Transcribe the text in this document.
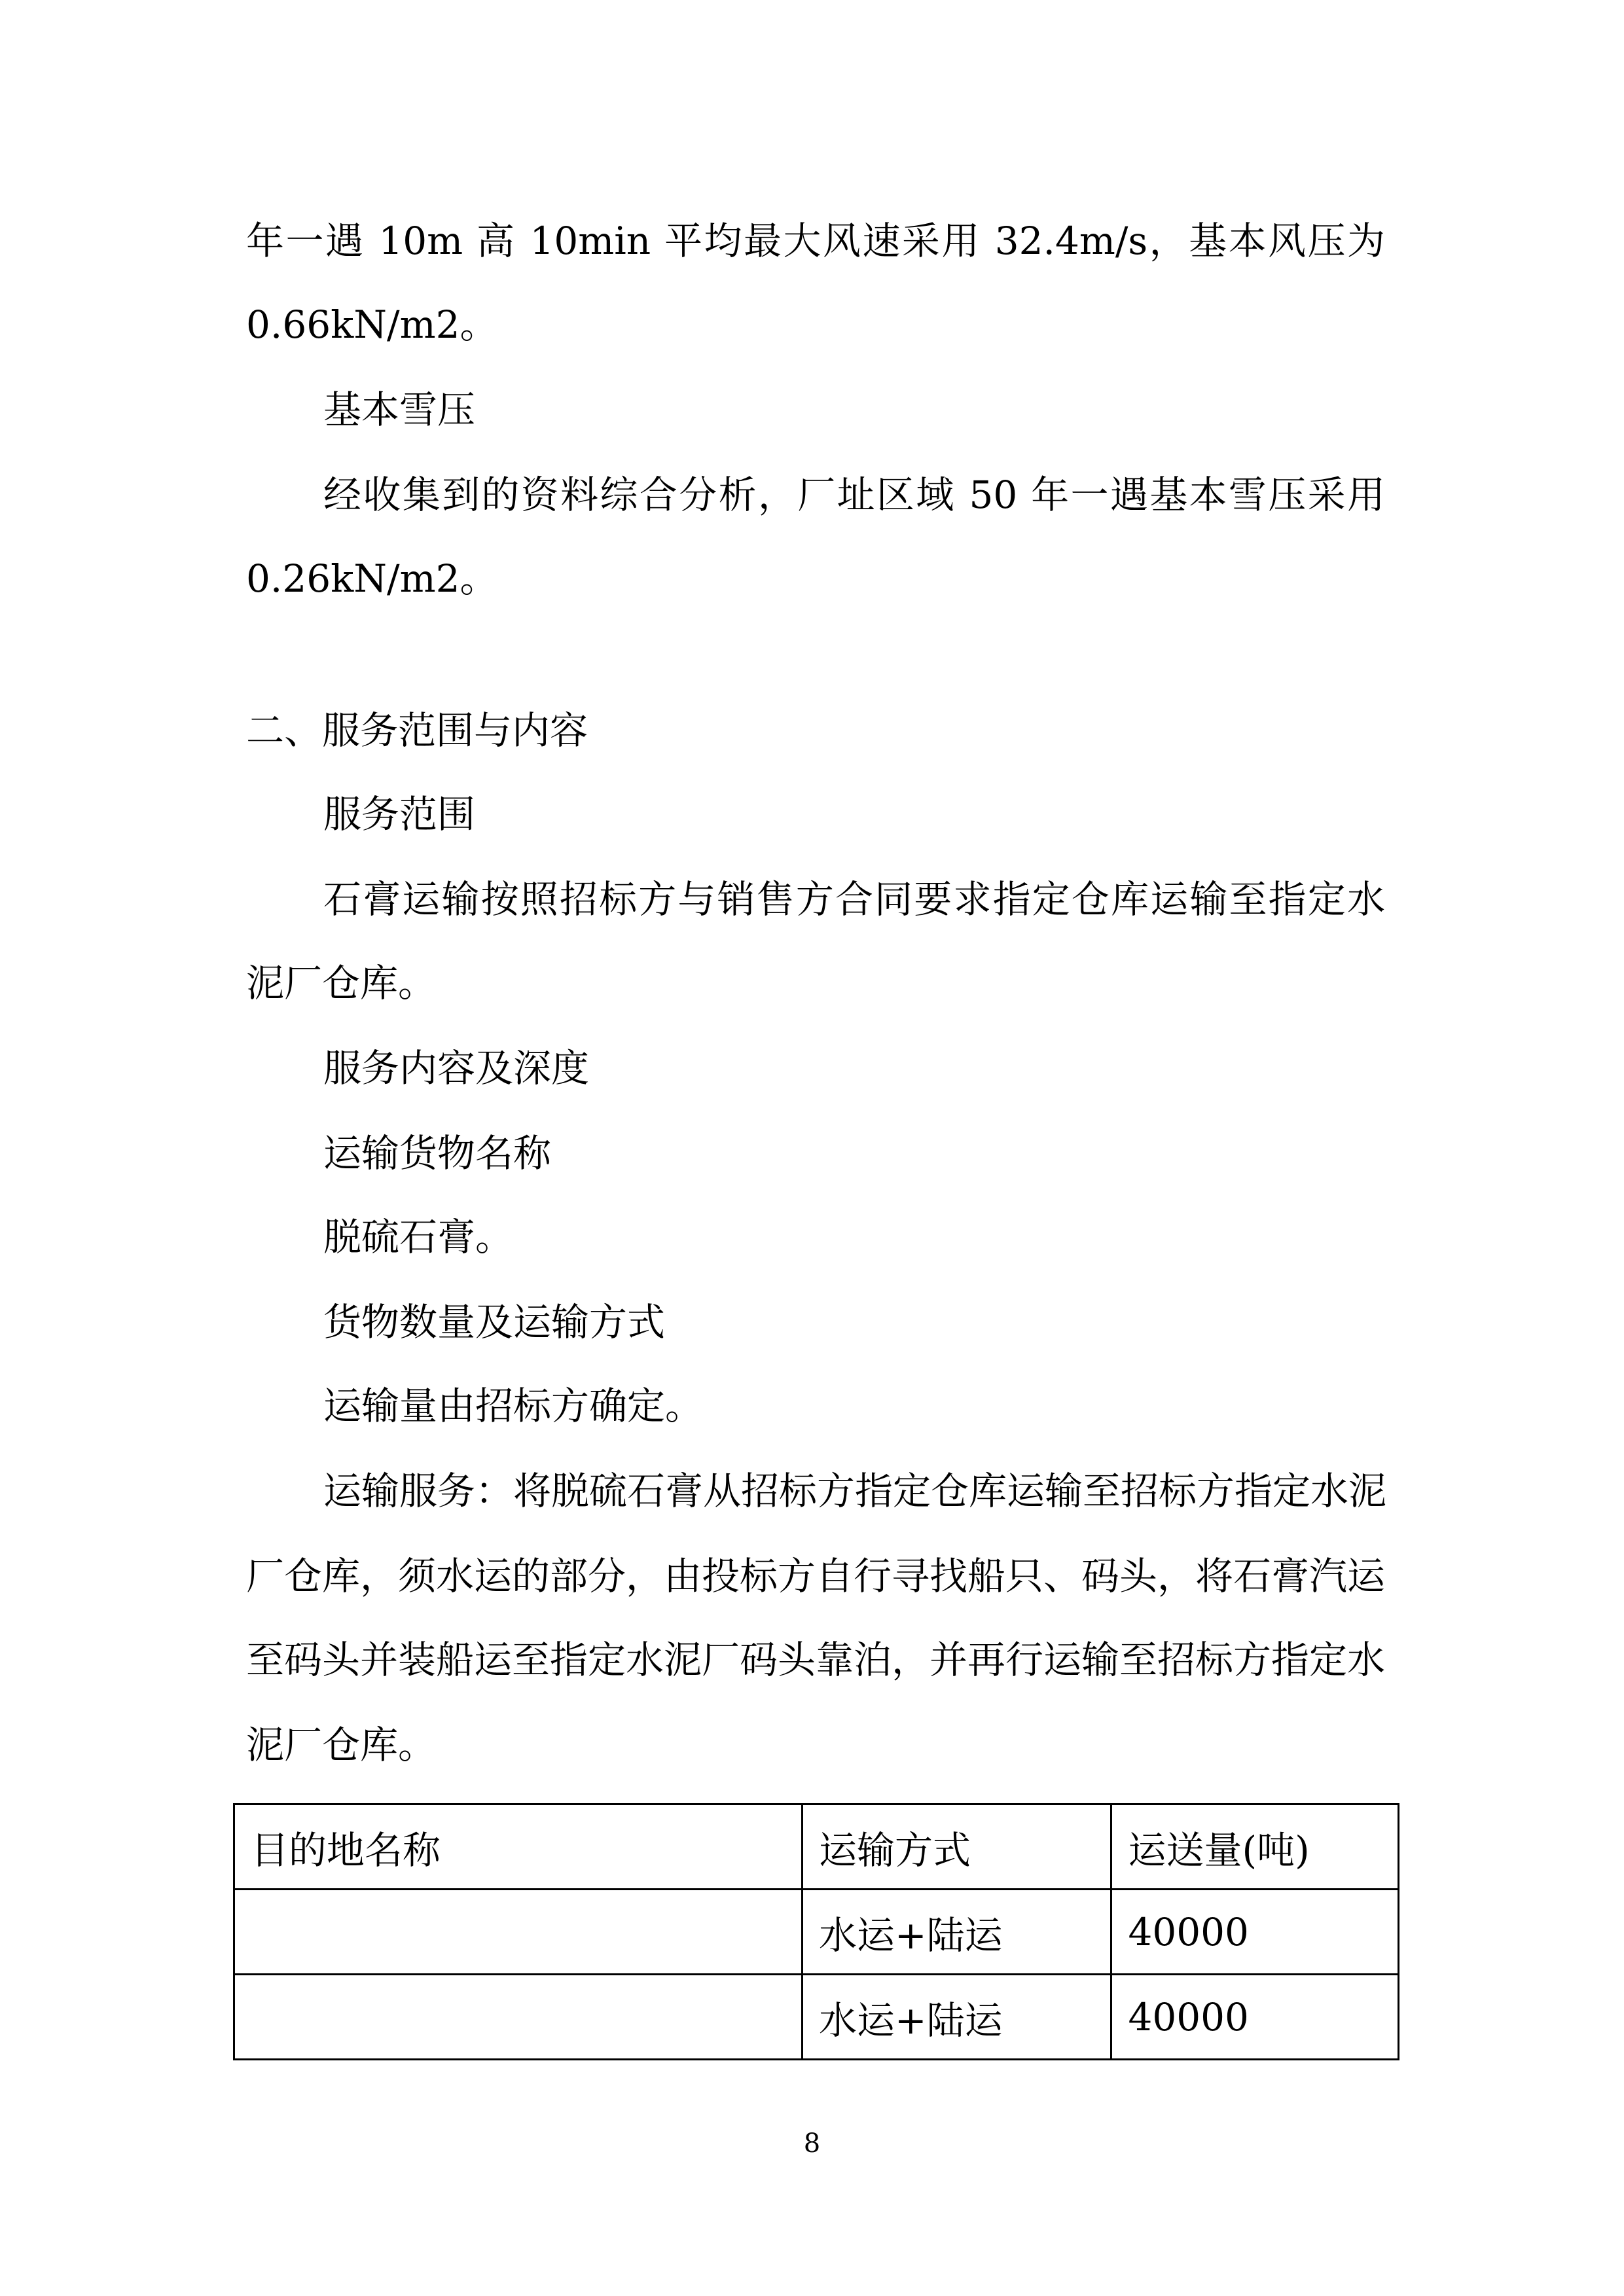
年一遇 10m 高 10min 平均最大风速采用 32.4m/s，基本风压为
0.66kN/m2。
基本雪压
经收集到的资料综合分析，厂址区域 50 年一遇基本雪压采用
0.26kN/m2。
二、服务范围与内容
服务范围
石膏运输按照招标方与销售方合同要求指定仓库运输至指定水
泥厂仓库。
服务内容及深度
运输货物名称
脱硫石膏。
货物数量及运输方式
运输量由招标方确定。
运输服务：将脱硫石膏从招标方指定仓库运输至招标方指定水泥
厂仓库，须水运的部分，由投标方自行寻找船只、码头，将石膏汽运
至码头并装船运至指定水泥厂码头靠泊，并再行运输至招标方指定水
泥厂仓库。
目的地名称	运输方式	运送量(吨)
	水运+陆运	40000
	水运+陆运	40000
8
